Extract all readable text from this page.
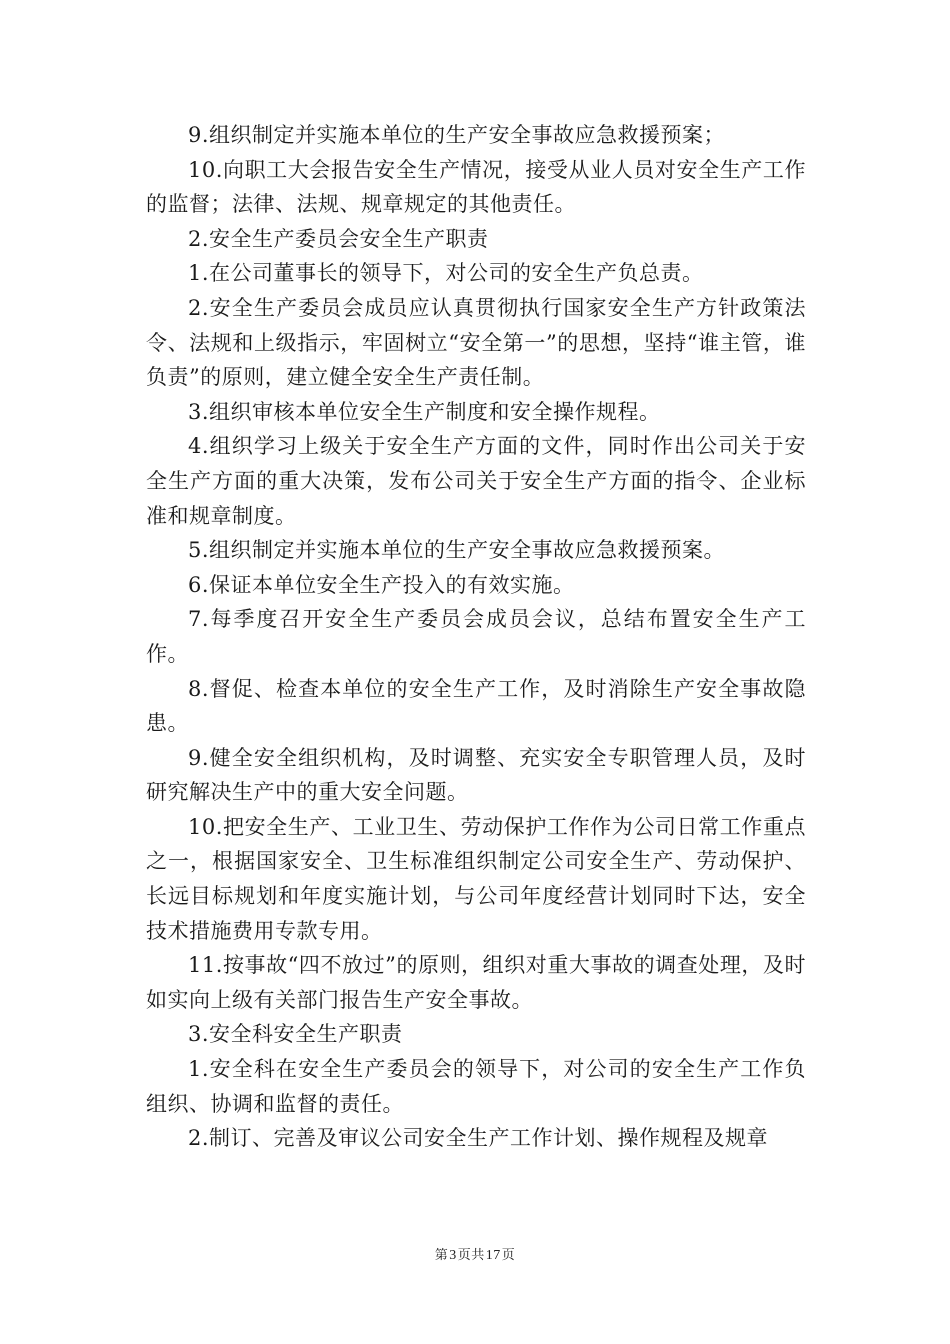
9.组织制定并实施本单位的生产安全事故应急救援预案；

10.向职工大会报告安全生产情况，接受从业人员对安全生产工作的监督；法律、法规、规章规定的其他责任。

2.安全生产委员会安全生产职责

1.在公司董事长的领导下，对公司的安全生产负总责。

2.安全生产委员会成员应认真贯彻执行国家安全生产方针政策法令、法规和上级指示，牢固树立“安全第一”的思想，坚持“谁主管，谁负责”的原则，建立健全安全生产责任制。

3.组织审核本单位安全生产制度和安全操作规程。

4.组织学习上级关于安全生产方面的文件，同时作出公司关于安全生产方面的重大决策，发布公司关于安全生产方面的指令、企业标准和规章制度。

5.组织制定并实施本单位的生产安全事故应急救援预案。

6.保证本单位安全生产投入的有效实施。

7.每季度召开安全生产委员会成员会议，总结布置安全生产工作。

8.督促、检查本单位的安全生产工作，及时消除生产安全事故隐患。

9.健全安全组织机构，及时调整、充实安全专职管理人员，及时研究解决生产中的重大安全问题。

10.把安全生产、工业卫生、劳动保护工作作为公司日常工作重点之一，根据国家安全、卫生标准组织制定公司安全生产、劳动保护、长远目标规划和年度实施计划，与公司年度经营计划同时下达，安全技术措施费用专款专用。

11.按事故“四不放过”的原则，组织对重大事故的调查处理，及时如实向上级有关部门报告生产安全事故。

3.安全科安全生产职责

1.安全科在安全生产委员会的领导下，对公司的安全生产工作负组织、协调和监督的责任。

2.制订、完善及审议公司安全生产工作计划、操作规程及规章

第3页共17页
